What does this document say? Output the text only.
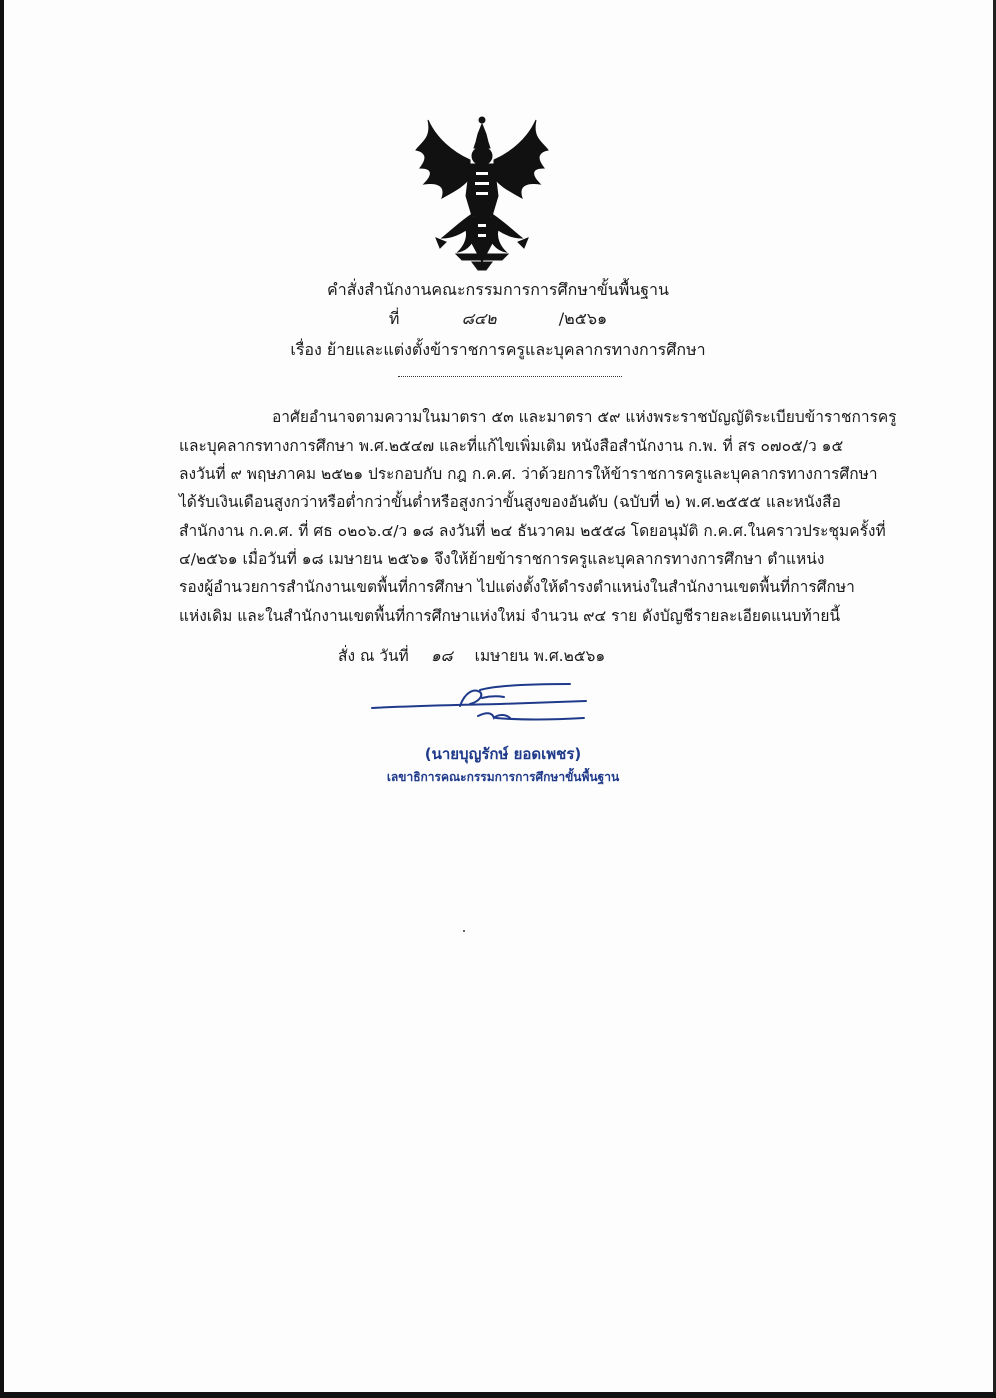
คำสั่งสำนักงานคณะกรรมการการศึกษาขั้นพื้นฐาน
ที่	๘๔๒	/๒๕๖๑
เรื่อง ย้ายและแต่งตั้งข้าราชการครูและบุคลากรทางการศึกษา
อาศัยอำนาจตามความในมาตรา ๕๓ และมาตรา ๕๙ แห่งพระราชบัญญัติระเบียบข้าราชการครู
และบุคลากรทางการศึกษา พ.ศ.๒๕๔๗ และที่แก้ไขเพิ่มเติม หนังสือสำนักงาน ก.พ. ที่ สร ๐๗๐๕/ว ๑๕
ลงวันที่ ๙ พฤษภาคม ๒๕๒๑ ประกอบกับ กฎ ก.ค.ศ. ว่าด้วยการให้ข้าราชการครูและบุคลากรทางการศึกษา
ได้รับเงินเดือนสูงกว่าหรือต่ำกว่าขั้นต่ำหรือสูงกว่าขั้นสูงของอันดับ (ฉบับที่ ๒) พ.ศ.๒๕๕๕ และหนังสือ
สำนักงาน ก.ค.ศ. ที่ ศธ ๐๒๐๖.๔/ว ๑๘ ลงวันที่ ๒๔ ธันวาคม ๒๕๕๘ โดยอนุมัติ ก.ค.ศ.ในคราวประชุมครั้งที่
๔/๒๕๖๑ เมื่อวันที่ ๑๘ เมษายน ๒๕๖๑ จึงให้ย้ายข้าราชการครูและบุคลากรทางการศึกษา ตำแหน่ง
รองผู้อำนวยการสำนักงานเขตพื้นที่การศึกษา ไปแต่งตั้งให้ดำรงตำแหน่งในสำนักงานเขตพื้นที่การศึกษา
แห่งเดิม และในสำนักงานเขตพื้นที่การศึกษาแห่งใหม่ จำนวน ๙๔ ราย ดังบัญชีรายละเอียดแนบท้ายนี้
สั่ง ณ วันที่ ๑๘ เมษายน พ.ศ.๒๕๖๑
(นายบุญรักษ์ ยอดเพชร)
เลขาธิการคณะกรรมการการศึกษาขั้นพื้นฐาน
